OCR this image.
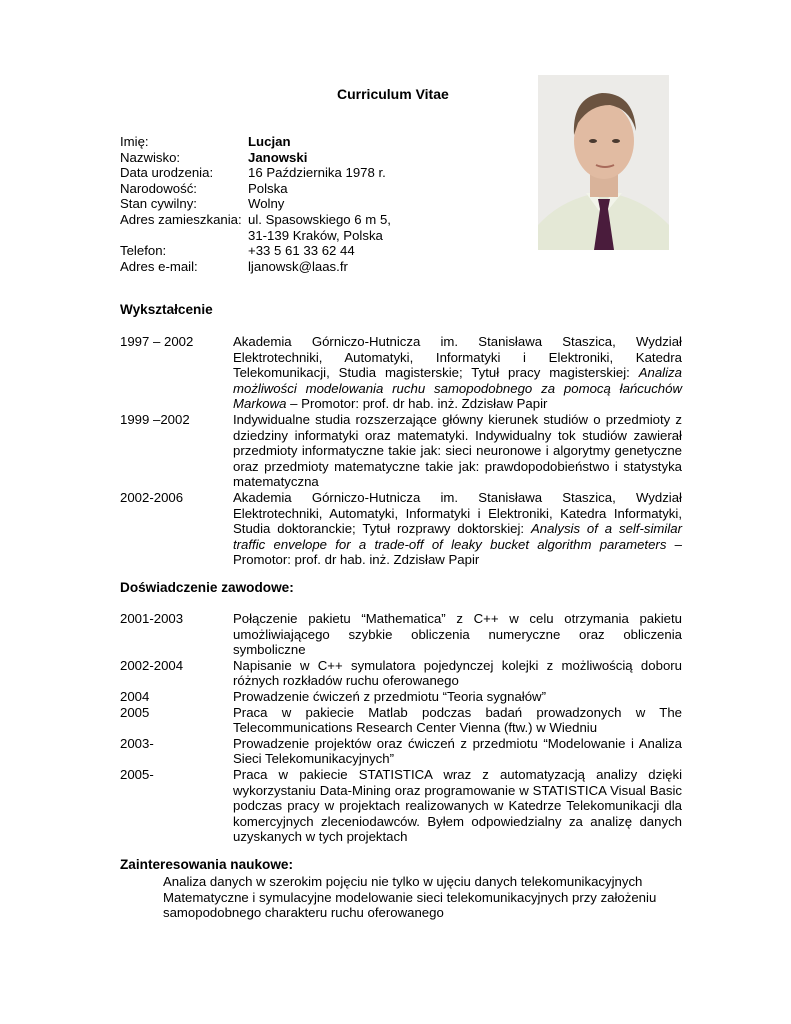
Curriculum Vitae
Imię:	Lucjan
Nazwisko:	Janowski
Data urodzenia:	16 Października 1978 r.
Narodowość:	Polska
Stan cywilny:	Wolny
Adres zamieszkania: ul. Spasowskiego 6 m 5,
31-139 Kraków, Polska
Telefon:	+33 5 61 33 62 44
Adres e-mail:	ljanowsk@laas.fr
Wykształcenie
1997 – 2002	Akademia Górniczo-Hutnicza im. Stanisława Staszica, Wydział Elektrotechniki, Automatyki, Informatyki i Elektroniki, Katedra Telekomunikacji, Studia magisterskie; Tytuł pracy magisterskiej: Analiza możliwości modelowania ruchu samopodobnego za pomocą łańcuchów Markowa – Promotor: prof. dr hab. inż. Zdzisław Papir
1999 –2002	Indywidualne studia rozszerzające główny kierunek studiów o przedmioty z dziedziny informatyki oraz matematyki. Indywidualny tok studiów zawierał przedmioty informatyczne takie jak: sieci neuronowe i algorytmy genetyczne oraz przedmioty matematyczne takie jak: prawdopodobieństwo i statystyka matematyczna
2002-2006	Akademia Górniczo-Hutnicza im. Stanisława Staszica, Wydział Elektrotechniki, Automatyki, Informatyki i Elektroniki, Katedra Informatyki, Studia doktoranckie; Tytuł rozprawy doktorskiej: Analysis of a self-similar traffic envelope for a trade-off of leaky bucket algorithm parameters – Promotor: prof. dr hab. inż. Zdzisław Papir
Doświadczenie zawodowe:
2001-2003	Połączenie pakietu “Mathematica” z C++ w celu otrzymania pakietu umożliwiającego szybkie obliczenia numeryczne oraz obliczenia symboliczne
2002-2004	Napisanie w C++ symulatora pojedynczej kolejki z możliwością doboru różnych rozkładów ruchu oferowanego
2004	Prowadzenie ćwiczeń z przedmiotu “Teoria sygnałów”
2005	Praca w pakiecie Matlab podczas badań prowadzonych w The Telecommunications Research Center Vienna (ftw.) w Wiedniu
2003-	Prowadzenie projektów oraz ćwiczeń z przedmiotu “Modelowanie i Analiza Sieci Telekomunikacyjnych”
2005-	Praca w pakiecie STATISTICA wraz z automatyzacją analizy dzięki wykorzystaniu Data-Mining oraz programowanie w STATISTICA Visual Basic podczas pracy w projektach realizowanych w Katedrze Telekomunikacji dla komercyjnych zleceniodawców. Byłem odpowiedzialny za analizę danych uzyskanych w tych projektach
Zainteresowania naukowe:
Analiza danych w szerokim pojęciu nie tylko w ujęciu danych telekomunikacyjnych
Matematyczne i symulacyjne modelowanie sieci telekomunikacyjnych przy założeniu samopodobnego charakteru ruchu oferowanego
